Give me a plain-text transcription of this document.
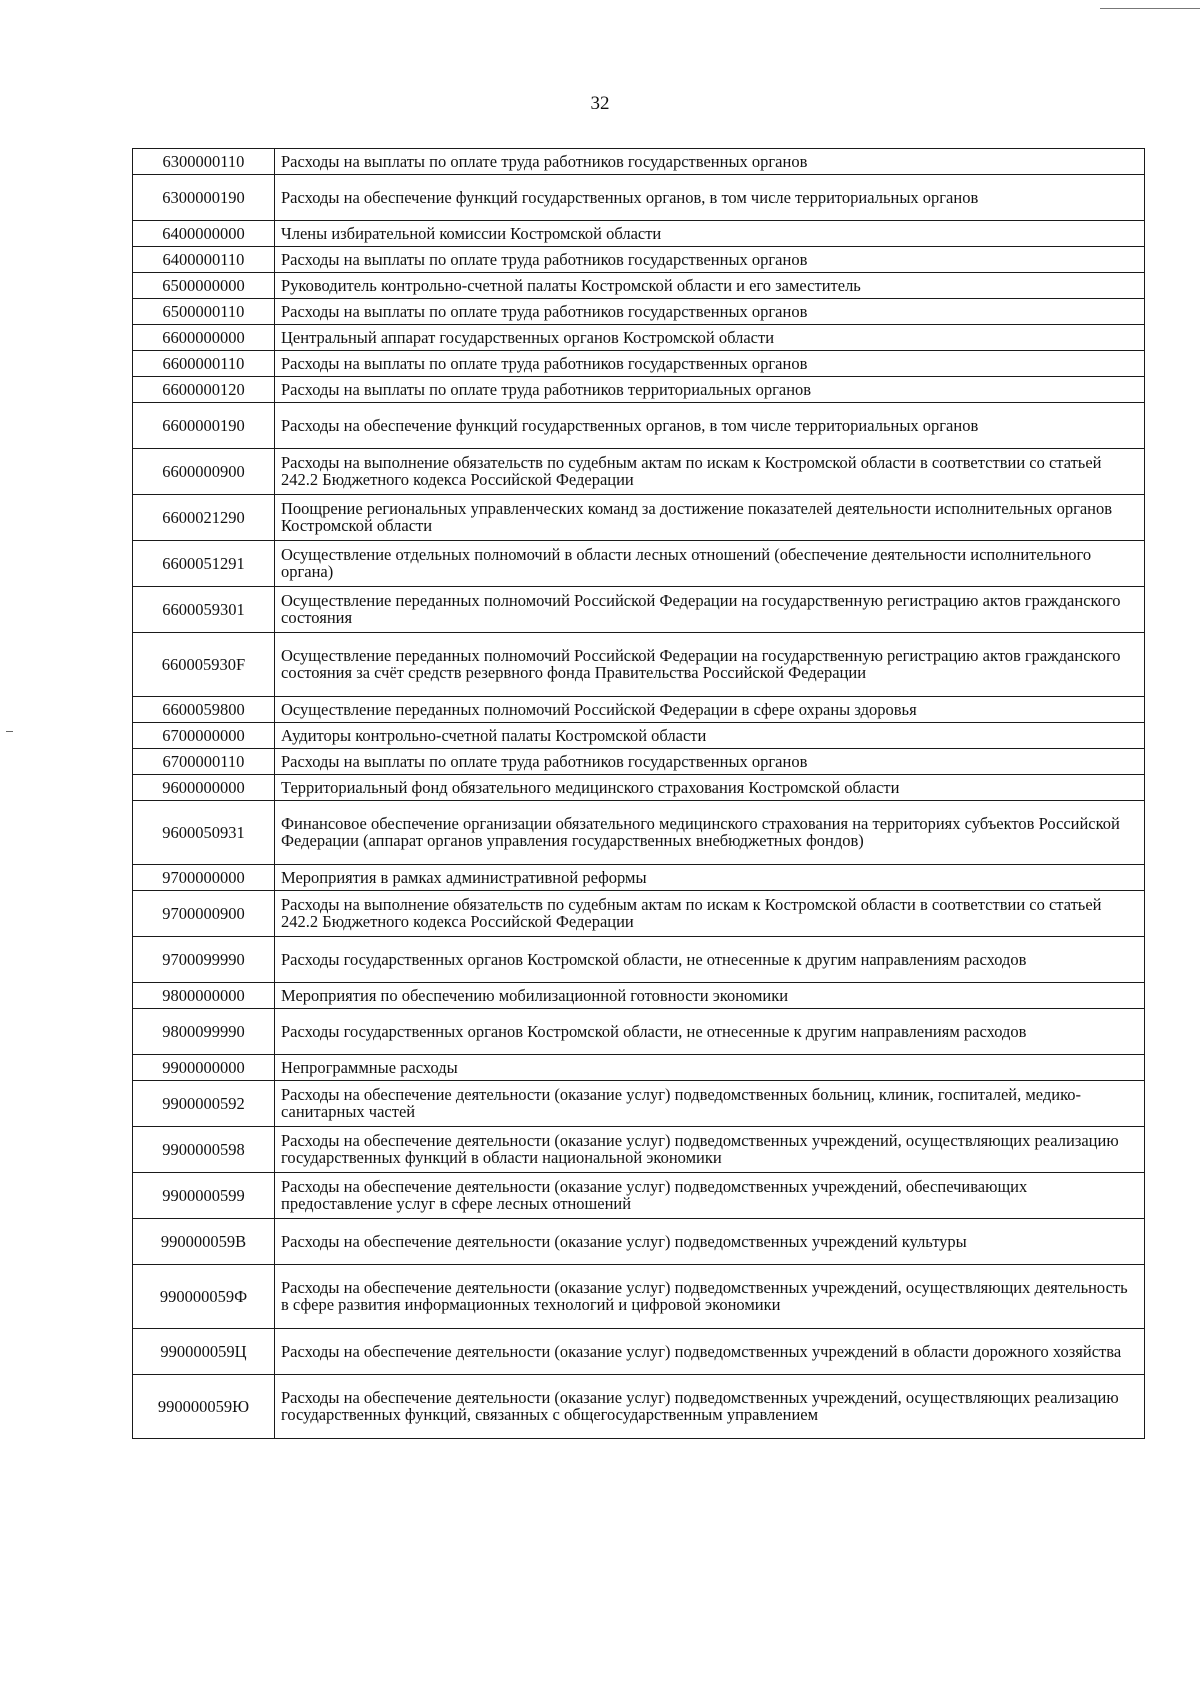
32
6300000110	Расходы на выплаты по оплате труда работников государственных органов
6300000190	Расходы на обеспечение функций государственных органов, в том числе территориальных органов
6400000000	Члены избирательной комиссии Костромской области
6400000110	Расходы на выплаты по оплате труда работников государственных органов
6500000000	Руководитель контрольно-счетной палаты Костромской области и его заместитель
6500000110	Расходы на выплаты по оплате труда работников государственных органов
6600000000	Центральный аппарат государственных органов Костромской области
6600000110	Расходы на выплаты по оплате труда работников государственных органов
6600000120	Расходы на выплаты по оплате труда работников территориальных органов
6600000190	Расходы на обеспечение функций государственных органов, в том числе территориальных органов
6600000900	Расходы на выполнение обязательств по судебным актам по искам к Костромской области в соответствии со статьей 242.2 Бюджетного кодекса Российской Федерации
6600021290	Поощрение региональных управленческих команд за достижение показателей деятельности исполнительных органов Костромской области
6600051291	Осуществление отдельных полномочий в области лесных отношений (обеспечение деятельности исполнительного органа)
6600059301	Осуществление переданных полномочий Российской Федерации на государственную регистрацию актов гражданского состояния
660005930F	Осуществление переданных полномочий Российской Федерации на государственную регистрацию актов гражданского состояния за счёт средств резервного фонда Правительства Российской Федерации
6600059800	Осуществление переданных полномочий Российской Федерации в сфере охраны здоровья
6700000000	Аудиторы контрольно-счетной палаты Костромской области
6700000110	Расходы на выплаты по оплате труда работников государственных органов
9600000000	Территориальный фонд обязательного медицинского страхования Костромской области
9600050931	Финансовое обеспечение организации обязательного медицинского страхования на территориях субъектов Российской Федерации (аппарат органов управления государственных внебюджетных фондов)
9700000000	Мероприятия в рамках административной реформы
9700000900	Расходы на выполнение обязательств по судебным актам по искам к Костромской области в соответствии со статьей 242.2 Бюджетного кодекса Российской Федерации
9700099990	Расходы государственных органов Костромской области, не отнесенные к другим направлениям расходов
9800000000	Мероприятия по обеспечению мобилизационной готовности экономики
9800099990	Расходы государственных органов Костромской области, не отнесенные к другим направлениям расходов
9900000000	Непрограммные расходы
9900000592	Расходы на обеспечение деятельности (оказание услуг) подведомственных больниц, клиник, госпиталей, медико-санитарных частей
9900000598	Расходы на обеспечение деятельности (оказание услуг) подведомственных учреждений, осуществляющих реализацию государственных функций в области национальной экономики
9900000599	Расходы на обеспечение деятельности (оказание услуг) подведомственных учреждений, обеспечивающих предоставление услуг в сфере лесных отношений
990000059В	Расходы на обеспечение деятельности (оказание услуг) подведомственных учреждений культуры
990000059Ф	Расходы на обеспечение деятельности (оказание услуг) подведомственных учреждений, осуществляющих деятельность в сфере развития информационных технологий и цифровой экономики
990000059Ц	Расходы на обеспечение деятельности (оказание услуг) подведомственных учреждений в области дорожного хозяйства
990000059Ю	Расходы на обеспечение деятельности (оказание услуг) подведомственных учреждений, осуществляющих реализацию государственных функций, связанных с общегосударственным управлением
